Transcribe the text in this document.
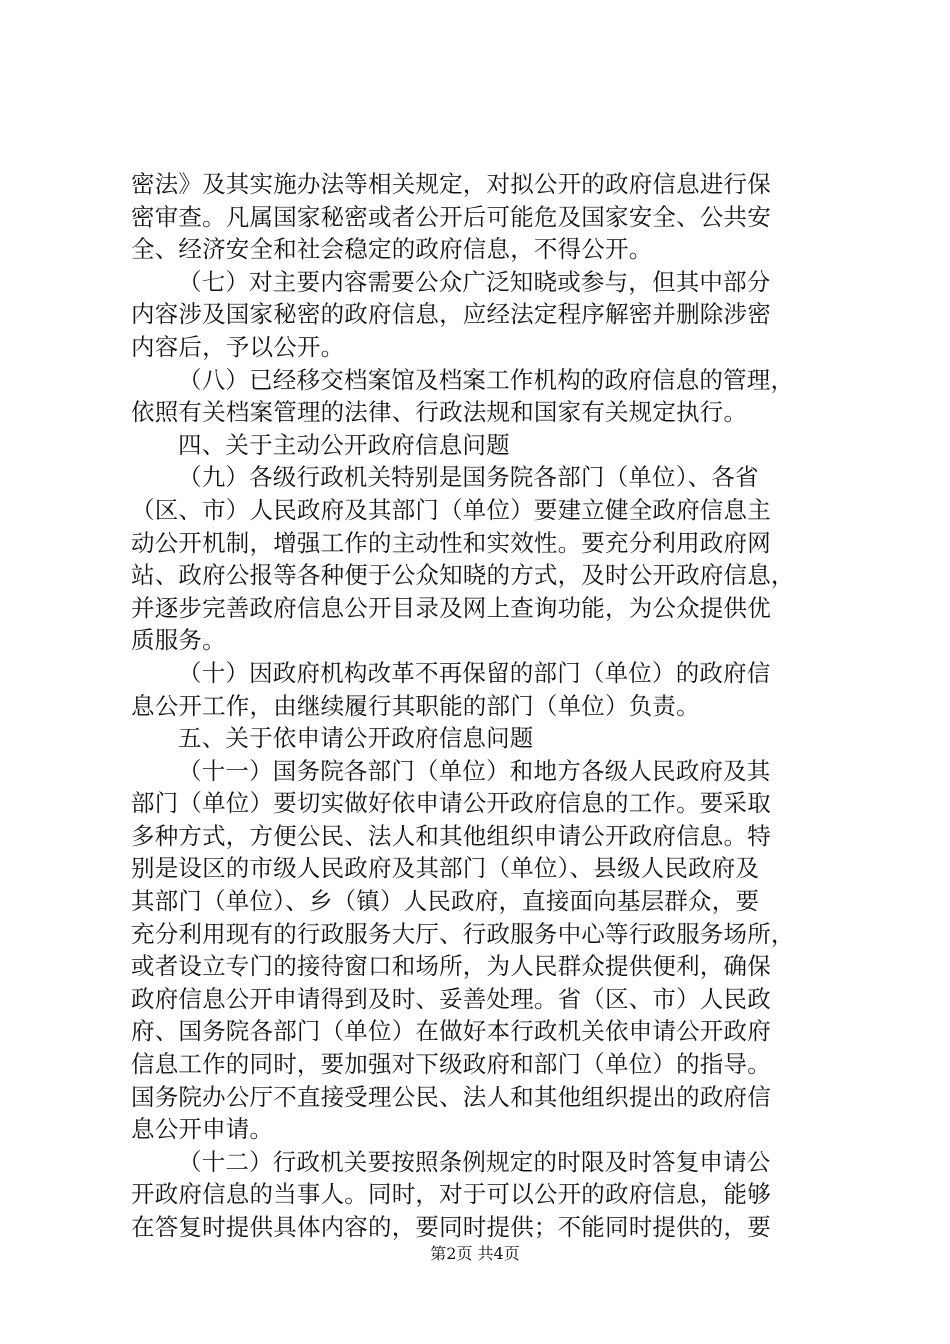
密法》及其实施办法等相关规定，对拟公开的政府信息进行保
密审查。凡属国家秘密或者公开后可能危及国家安全、公共安
全、经济安全和社会稳定的政府信息，不得公开。
（七）对主要内容需要公众广泛知晓或参与，但其中部分
内容涉及国家秘密的政府信息，应经法定程序解密并删除涉密
内容后，予以公开。
（八）已经移交档案馆及档案工作机构的政府信息的管理，
依照有关档案管理的法律、行政法规和国家有关规定执行。
四、关于主动公开政府信息问题
（九）各级行政机关特别是国务院各部门（单位）、各省
（区、市）人民政府及其部门（单位）要建立健全政府信息主
动公开机制，增强工作的主动性和实效性。要充分利用政府网
站、政府公报等各种便于公众知晓的方式，及时公开政府信息，
并逐步完善政府信息公开目录及网上查询功能，为公众提供优
质服务。
（十）因政府机构改革不再保留的部门（单位）的政府信
息公开工作，由继续履行其职能的部门（单位）负责。
五、关于依申请公开政府信息问题
（十一）国务院各部门（单位）和地方各级人民政府及其
部门（单位）要切实做好依申请公开政府信息的工作。要采取
多种方式，方便公民、法人和其他组织申请公开政府信息。特
别是设区的市级人民政府及其部门（单位）、县级人民政府及
其部门（单位）、乡（镇）人民政府，直接面向基层群众，要
充分利用现有的行政服务大厅、行政服务中心等行政服务场所，
或者设立专门的接待窗口和场所，为人民群众提供便利，确保
政府信息公开申请得到及时、妥善处理。省（区、市）人民政
府、国务院各部门（单位）在做好本行政机关依申请公开政府
信息工作的同时，要加强对下级政府和部门（单位）的指导。
国务院办公厅不直接受理公民、法人和其他组织提出的政府信
息公开申请。
（十二）行政机关要按照条例规定的时限及时答复申请公
开政府信息的当事人。同时，对于可以公开的政府信息，能够
在答复时提供具体内容的，要同时提供；不能同时提供的，要
第2页 共4页
